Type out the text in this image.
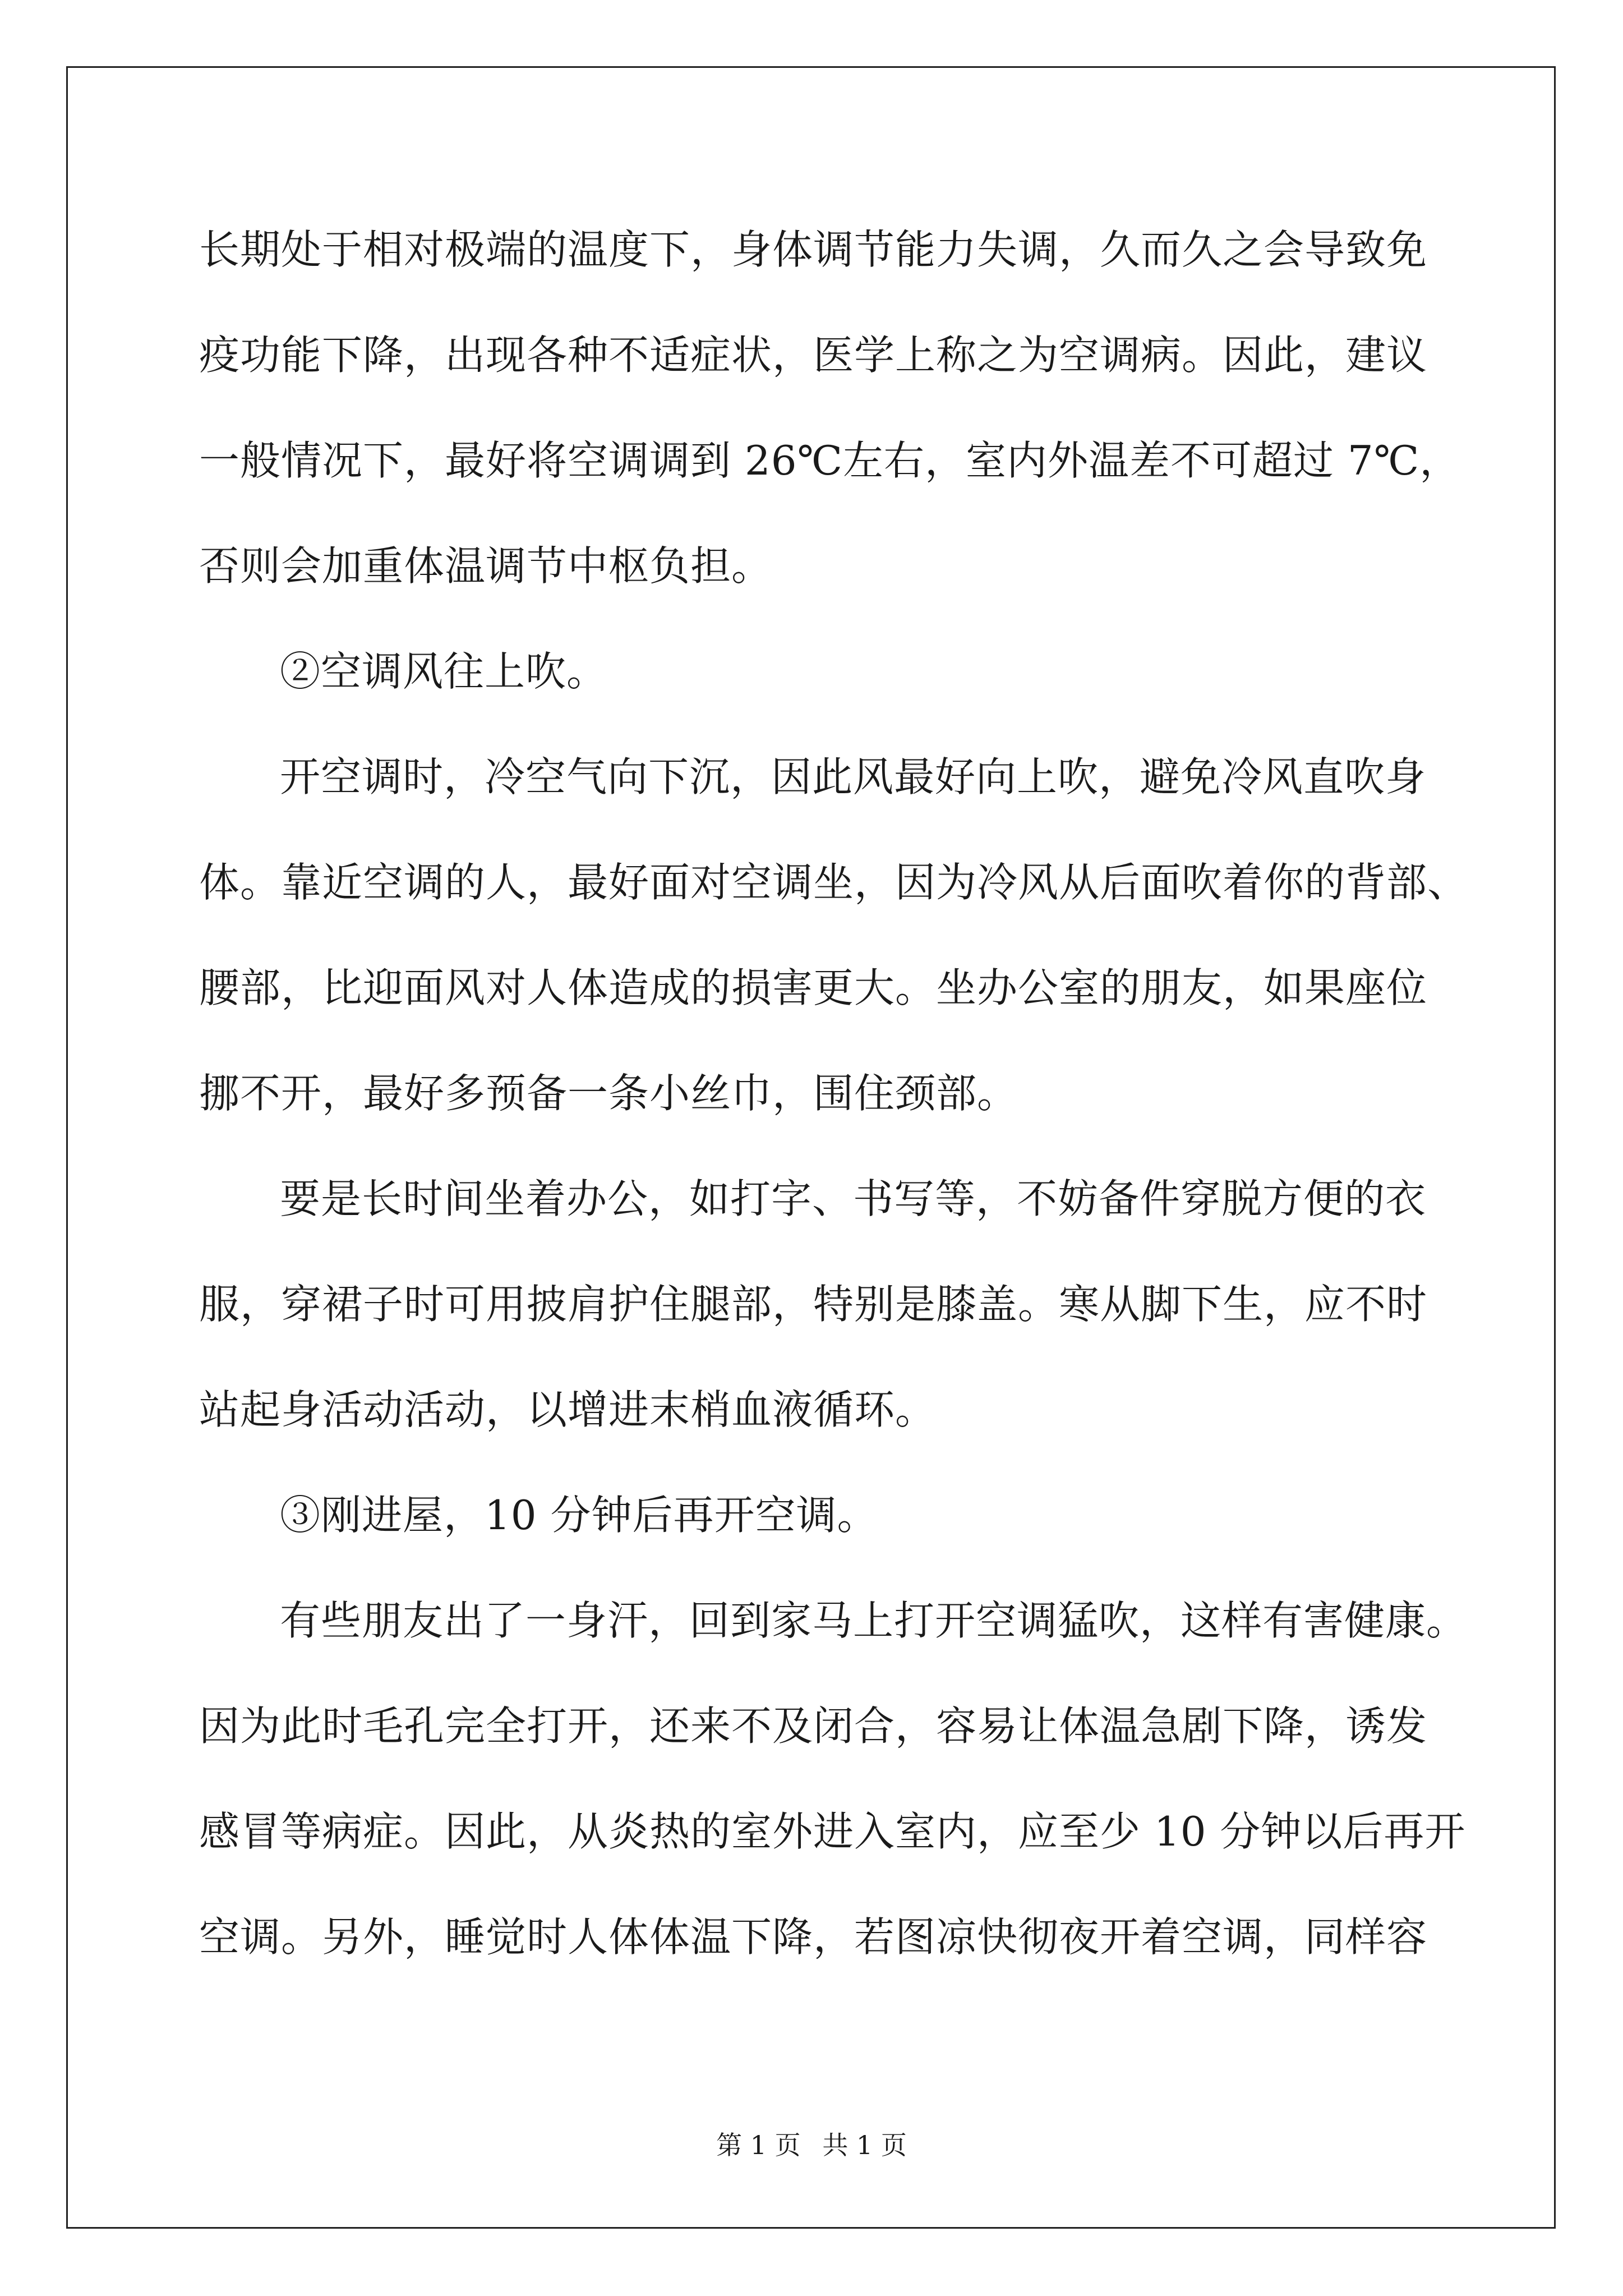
长期处于相对极端的温度下，身体调节能力失调，久而久之会导致免
疫功能下降，出现各种不适症状，医学上称之为空调病。因此，建议
一般情况下，最好将空调调到 26℃左右，室内外温差不可超过 7℃，
否则会加重体温调节中枢负担。
②空调风往上吹。
开空调时，冷空气向下沉，因此风最好向上吹，避免冷风直吹身
体。靠近空调的人，最好面对空调坐，因为冷风从后面吹着你的背部、
腰部，比迎面风对人体造成的损害更大。坐办公室的朋友，如果座位
挪不开，最好多预备一条小丝巾，围住颈部。
要是长时间坐着办公，如打字、书写等，不妨备件穿脱方便的衣
服，穿裙子时可用披肩护住腿部，特别是膝盖。寒从脚下生，应不时
站起身活动活动，以增进末梢血液循环。
③刚进屋，10 分钟后再开空调。
有些朋友出了一身汗，回到家马上打开空调猛吹，这样有害健康。
因为此时毛孔完全打开，还来不及闭合，容易让体温急剧下降，诱发
感冒等病症。因此，从炎热的室外进入室内，应至少 10 分钟以后再开
空调。另外，睡觉时人体体温下降，若图凉快彻夜开着空调，同样容
第 1 页 共 1 页
